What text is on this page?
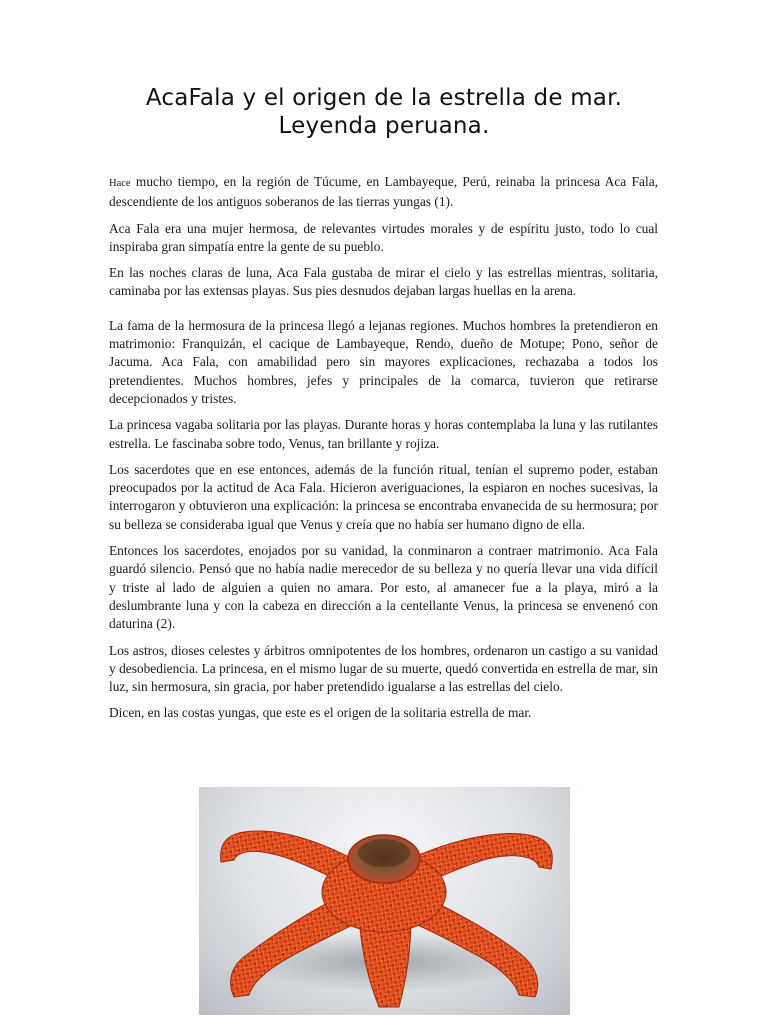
AcaFala y el origen de la estrella de mar.
Leyenda peruana.

Hace mucho tiempo, en la región de Túcume, en Lambayeque, Perú, reinaba la princesa Aca Fala, descendiente de los antiguos soberanos de las tierras yungas (1).

Aca Fala era una mujer hermosa, de relevantes virtudes morales y de espíritu justo, todo lo cual inspiraba gran simpatía entre la gente de su pueblo.

En las noches claras de luna, Aca Fala gustaba de mirar el cielo y las estrellas mientras, solitaria, caminaba por las extensas playas. Sus pies desnudos dejaban largas huellas en la arena.

La fama de la hermosura de la princesa llegó a lejanas regiones. Muchos hombres la pretendieron en matrimonio: Franquizán, el cacique de Lambayeque, Rendo, dueño de Motupe; Pono, señor de Jacuma. Aca Fala, con amabilidad pero sin mayores explicaciones, rechazaba a todos los pretendientes. Muchos hombres, jefes y principales de la comarca, tuvieron que retirarse decepcionados y tristes.

La princesa vagaba solitaria por las playas. Durante horas y horas contemplaba la luna y las rutilantes estrella. Le fascinaba sobre todo, Venus, tan brillante y rojiza.

Los sacerdotes que en ese entonces, además de la función ritual, tenían el supremo poder, estaban preocupados por la actitud de Aca Fala. Hicieron averiguaciones, la espiaron en noches sucesivas, la interrogaron y obtuvieron una explicación: la princesa se encontraba envanecida de su hermosura; por su belleza se consideraba igual que Venus y creía que no había ser humano digno de ella.

Entonces los sacerdotes, enojados por su vanidad, la conminaron a contraer matrimonio. Aca Fala guardó silencio. Pensó que no había nadie merecedor de su belleza y no quería llevar una vida difícil y triste al lado de alguien a quien no amara. Por esto, al amanecer fue a la playa, miró a la deslumbrante luna y con la cabeza en dirección a la centellante Venus, la princesa se envenenó con daturina (2).

Los astros, dioses celestes y árbitros omnipotentes de los hombres, ordenaron un castigo a su vanidad y desobediencia. La princesa, en el mismo lugar de su muerte, quedó convertida en estrella de mar, sin luz, sin hermosura, sin gracia, por haber pretendido igualarse a las estrellas del cielo.

Dicen, en las costas yungas, que este es el origen de la solitaria estrella de mar.
